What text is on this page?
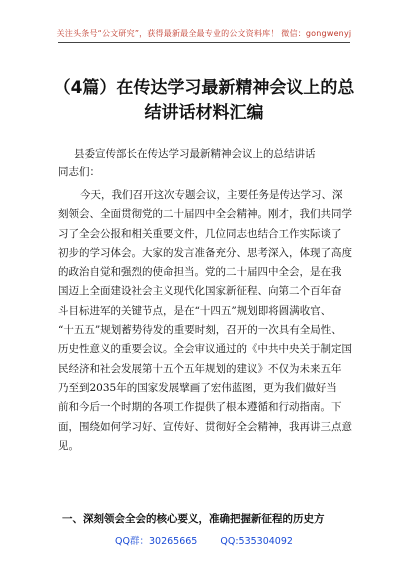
关注头条号“公文研究”，获得最新最全最专业的公文资料库！ 微信：gongwenyj
（4篇）在传达学习最新精神会议上的总
结讲话材料汇编
县委宣传部长在传达学习最新精神会议上的总结讲话
同志们：
今天，我们召开这次专题会议，主要任务是传达学习、深
刻领会、全面贯彻党的二十届四中全会精神。刚才，我们共同学
习了全会公报和相关重要文件，几位同志也结合工作实际谈了
初步的学习体会。大家的发言准备充分、思考深入，体现了高度
的政治自觉和强烈的使命担当。党的二十届四中全会，是在我
国迈上全面建设社会主义现代化国家新征程、向第二个百年奋
斗目标进军的关键节点，是在“十四五”规划即将圆满收官、
“十五五”规划蓄势待发的重要时刻，召开的一次具有全局性、
历史性意义的重要会议。全会审议通过的《中共中央关于制定国
民经济和社会发展第十五个五年规划的建议》不仅为未来五年
乃至到2035年的国家发展擘画了宏伟蓝图，更为我们做好当
前和今后一个时期的各项工作提供了根本遵循和行动指南。下
面，围绕如何学习好、宣传好、贯彻好全会精神，我再讲三点意
见。
一、深刻领会全会的核心要义，准确把握新征程的历史方
QQ群：30265665 QQ:535304092
